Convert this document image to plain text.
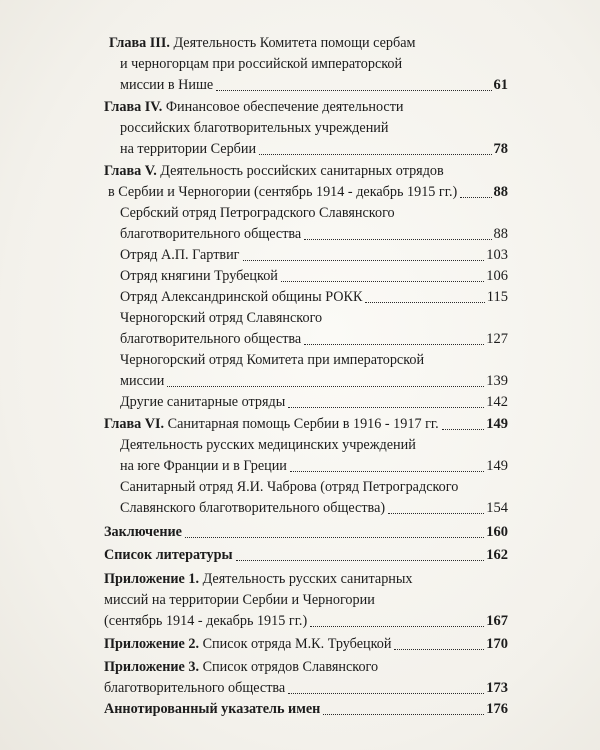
Глава III. Деятельность Комитета помощи сербам
и черногорцам при российской императорской
миссии в Нише	61
Глава IV. Финансовое обеспечение деятельности
российских благотворительных учреждений
на территории Сербии	78
Глава V. Деятельность российских санитарных отрядов
в Сербии и Черногории (сентябрь 1914 - декабрь 1915 гг.)	88
Сербский отряд Петроградского Славянского
благотворительного общества	88
Отряд А.П. Гартвиг	103
Отряд княгини Трубецкой	106
Отряд Александринской общины РОКК	115
Черногорский отряд Славянского
благотворительного общества	127
Черногорский отряд Комитета при императорской
миссии	139
Другие санитарные отряды	142
Глава VI. Санитарная помощь Сербии в 1916 - 1917 гг.	149
Деятельность русских медицинских учреждений
на юге Франции и в Греции	149
Санитарный отряд Я.И. Чаброва (отряд Петроградского
Славянского благотворительного общества)	154
Заключение	160
Список литературы	162
Приложение 1. Деятельность русских санитарных
миссий на территории Сербии и Черногории
(сентябрь 1914 - декабрь 1915 гг.)	167
Приложение 2. Список отряда М.К. Трубецкой	170
Приложение 3. Список отрядов Славянского
благотворительного общества	173
Аннотированный указатель имен	176
